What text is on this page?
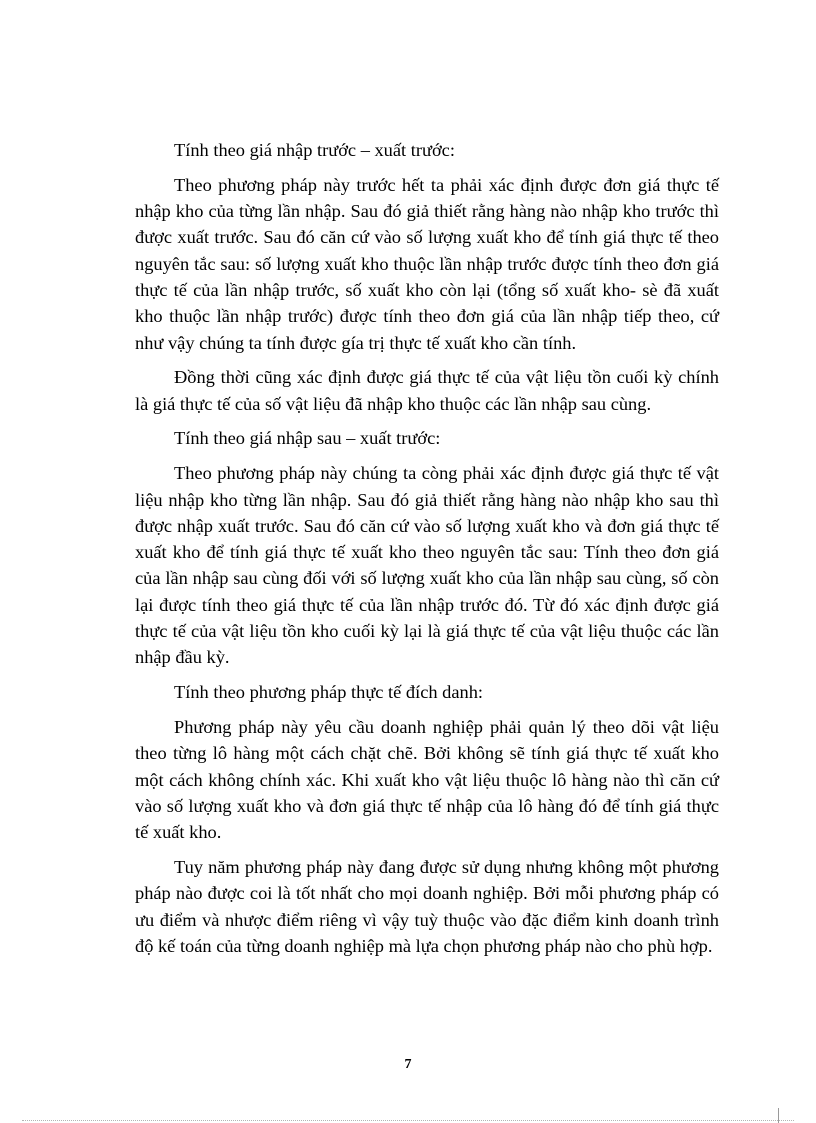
Tính theo giá nhập trước – xuất trước:

Theo phương pháp này trước hết ta phải xác định được đơn giá thực tế nhập kho của từng lần nhập. Sau đó giả thiết rằng hàng nào nhập kho trước thì được xuất trước. Sau đó căn cứ vào số lượng xuất kho để tính giá thực tế theo nguyên tắc sau: số lượng xuất kho thuộc lần nhập trước được tính theo đơn giá thực tế của lần nhập trước, số xuất kho còn lại (tổng số xuất kho- sè đã xuất kho thuộc lần nhập trước) được tính theo đơn giá của lần nhập tiếp theo, cứ như vậy chúng ta tính được gía trị thực tế xuất kho cần tính.

Đồng thời cũng xác định được giá thực tế của vật liệu tồn cuối kỳ chính là giá thực tế của số vật liệu đã nhập kho thuộc các lần nhập sau cùng.

Tính theo giá nhập sau – xuất trước:

Theo phương pháp này chúng ta còng phải xác định được giá thực tế vật liệu nhập kho từng lần nhập. Sau đó giả thiết rằng hàng nào nhập kho sau thì được nhập xuất trước. Sau đó căn cứ vào số lượng xuất kho và đơn giá thực tế xuất kho để tính giá thực tế xuất kho theo nguyên tắc sau: Tính theo đơn giá của lần nhập sau cùng đối với số lượng xuất kho của lần nhập sau cùng, số còn lại được tính theo giá thực tế của lần nhập trước đó. Từ đó xác định được giá thực tế của vật liệu tồn kho cuối kỳ lại là giá thực tế của vật liệu thuộc các lần nhập đầu kỳ.

Tính theo phương pháp thực tế đích danh:

Phương pháp này yêu cầu doanh nghiệp phải quản lý theo dõi vật liệu theo từng lô hàng một cách chặt chẽ. Bởi không sẽ tính giá thực tế xuất kho một cách không chính xác. Khi xuất kho vật liệu thuộc lô hàng nào thì căn cứ vào số lượng xuất kho và đơn giá thực tế nhập của lô hàng đó để tính giá thực tế xuất kho.

Tuy năm phương pháp này đang được sử dụng nhưng không một phương pháp nào được coi là tốt nhất cho mọi doanh nghiệp. Bởi mỗi phương pháp có ưu điểm và nhược điểm riêng vì vậy tuỳ thuộc vào đặc điểm kinh doanh trình độ kế toán của từng doanh nghiệp mà lựa chọn phương pháp nào cho phù hợp.

7
